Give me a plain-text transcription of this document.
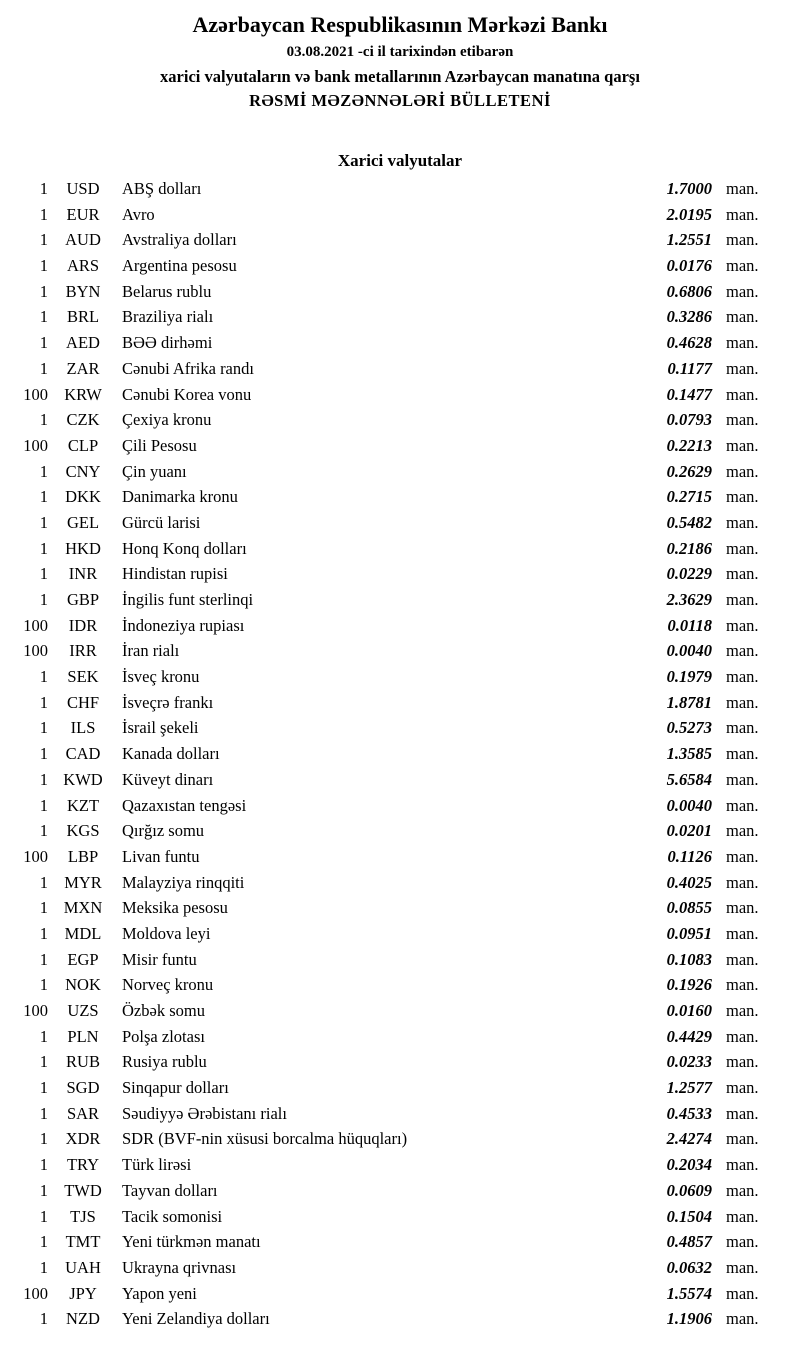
Azərbaycan Respublikasının Mərkəzi Bankı
03.08.2021 -ci il tarixindən etibarən
xarici valyutaların və bank metallarının Azərbaycan manatına qarşı
RƏSMİ MƏZƏNNƏLƏRİ BÜLLETENİ
Xarici valyutalar
1	USD	ABŞ dolları	1.7000 man.
1	EUR	Avro	2.0195 man.
1	AUD	Avstraliya dolları	1.2551 man.
1	ARS	Argentina pesosu	0.0176 man.
1	BYN	Belarus rublu	0.6806 man.
1	BRL	Braziliya rialı	0.3286 man.
1	AED	BƏƏ dirhəmi	0.4628 man.
1	ZAR	Cənubi Afrika randı	0.1177 man.
100 KRW	Cənubi Korea vonu	0.1477 man.
1	CZK	Çexiya kronu	0.0793 man.
100	CLP	Çili Pesosu	0.2213 man.
1	CNY	Çin yuanı	0.2629 man.
1	DKK	Danimarka kronu	0.2715 man.
1	GEL	Gürcü larisi	0.5482 man.
1	HKD	Honq Konq dolları	0.2186 man.
1	INR	Hindistan rupisi	0.0229 man.
1	GBP	İngilis funt sterlinqi	2.3629 man.
100	IDR	İndoneziya rupiası	0.0118 man.
100	IRR	İran rialı	0.0040 man.
1	SEK	İsveç kronu	0.1979 man.
1	CHF	İsveçrə frankı	1.8781 man.
1	ILS	İsrail şekeli	0.5273 man.
1	CAD	Kanada dolları	1.3585 man.
1 KWD	Küveyt dinarı	5.6584 man.
1	KZT	Qazaxıstan tengəsi	0.0040 man.
1	KGS	Qırğız somu	0.0201 man.
100	LBP	Livan funtu	0.1126 man.
1 MYR	Malayziya rinqqiti	0.4025 man.
1 MXN	Meksika pesosu	0.0855 man.
1	MDL	Moldova leyi	0.0951 man.
1	EGP	Misir funtu	0.1083 man.
1	NOK	Norveç kronu	0.1926 man.
100	UZS	Özbək somu	0.0160 man.
1	PLN	Polşa zlotası	0.4429 man.
1	RUB	Rusiya rublu	0.0233 man.
1	SGD	Sinqapur dolları	1.2577 man.
1	SAR	Səudiyyə Ərəbistanı rialı	0.4533 man.
1	XDR	SDR (BVF-nin xüsusi borcalma hüquqları)	2.4274 man.
1	TRY	Türk lirəsi	0.2034 man.
1 TWD	Tayvan dolları	0.0609 man.
1	TJS	Tacik somonisi	0.1504 man.
1	TMT	Yeni türkmən manatı	0.4857 man.
1	UAH	Ukrayna qrivnası	0.0632 man.
100	JPY	Yapon yeni	1.5574 man.
1	NZD	Yeni Zelandiya dolları	1.1906 man.
